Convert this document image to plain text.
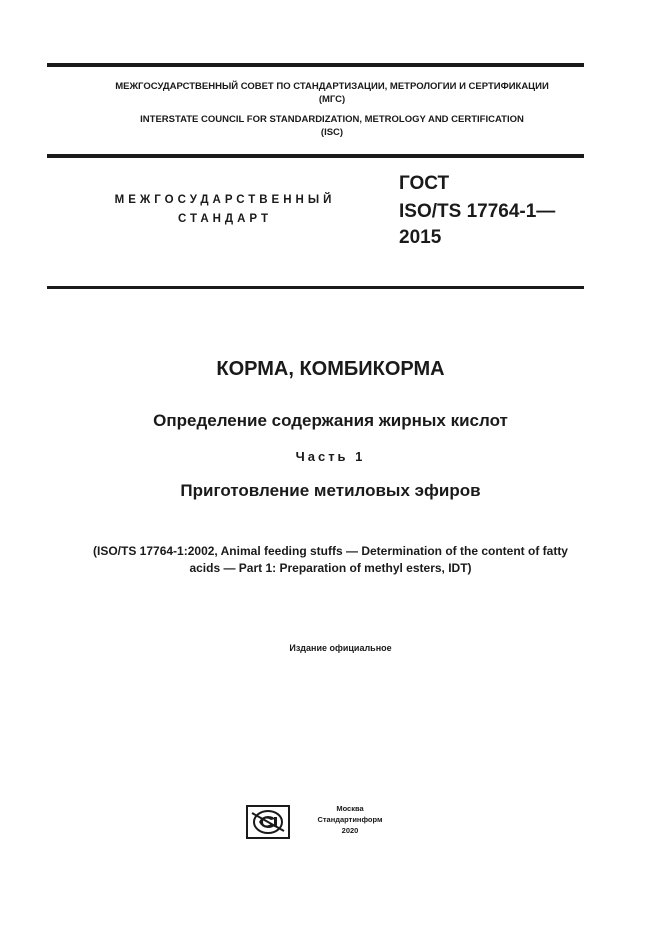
МЕЖГОСУДАРСТВЕННЫЙ СОВЕТ ПО СТАНДАРТИЗАЦИИ, МЕТРОЛОГИИ И СЕРТИФИКАЦИИ
(МГС)
INTERSTATE COUNCIL FOR STANDARDIZATION, METROLOGY AND CERTIFICATION
(ISC)
МЕЖГОСУДАРСТВЕННЫЙ
СТАНДАРТ
ГОСТ
ISO/TS 17764-1—
2015
КОРМА, КОМБИКОРМА
Определение содержания жирных кислот
Часть 1
Приготовление метиловых эфиров
(ISO/TS 17764-1:2002, Animal feeding stuffs — Determination of the content of fatty
acids — Part 1: Preparation of methyl esters, IDT)
Издание официальное
Москва
Стандартинформ
2020
